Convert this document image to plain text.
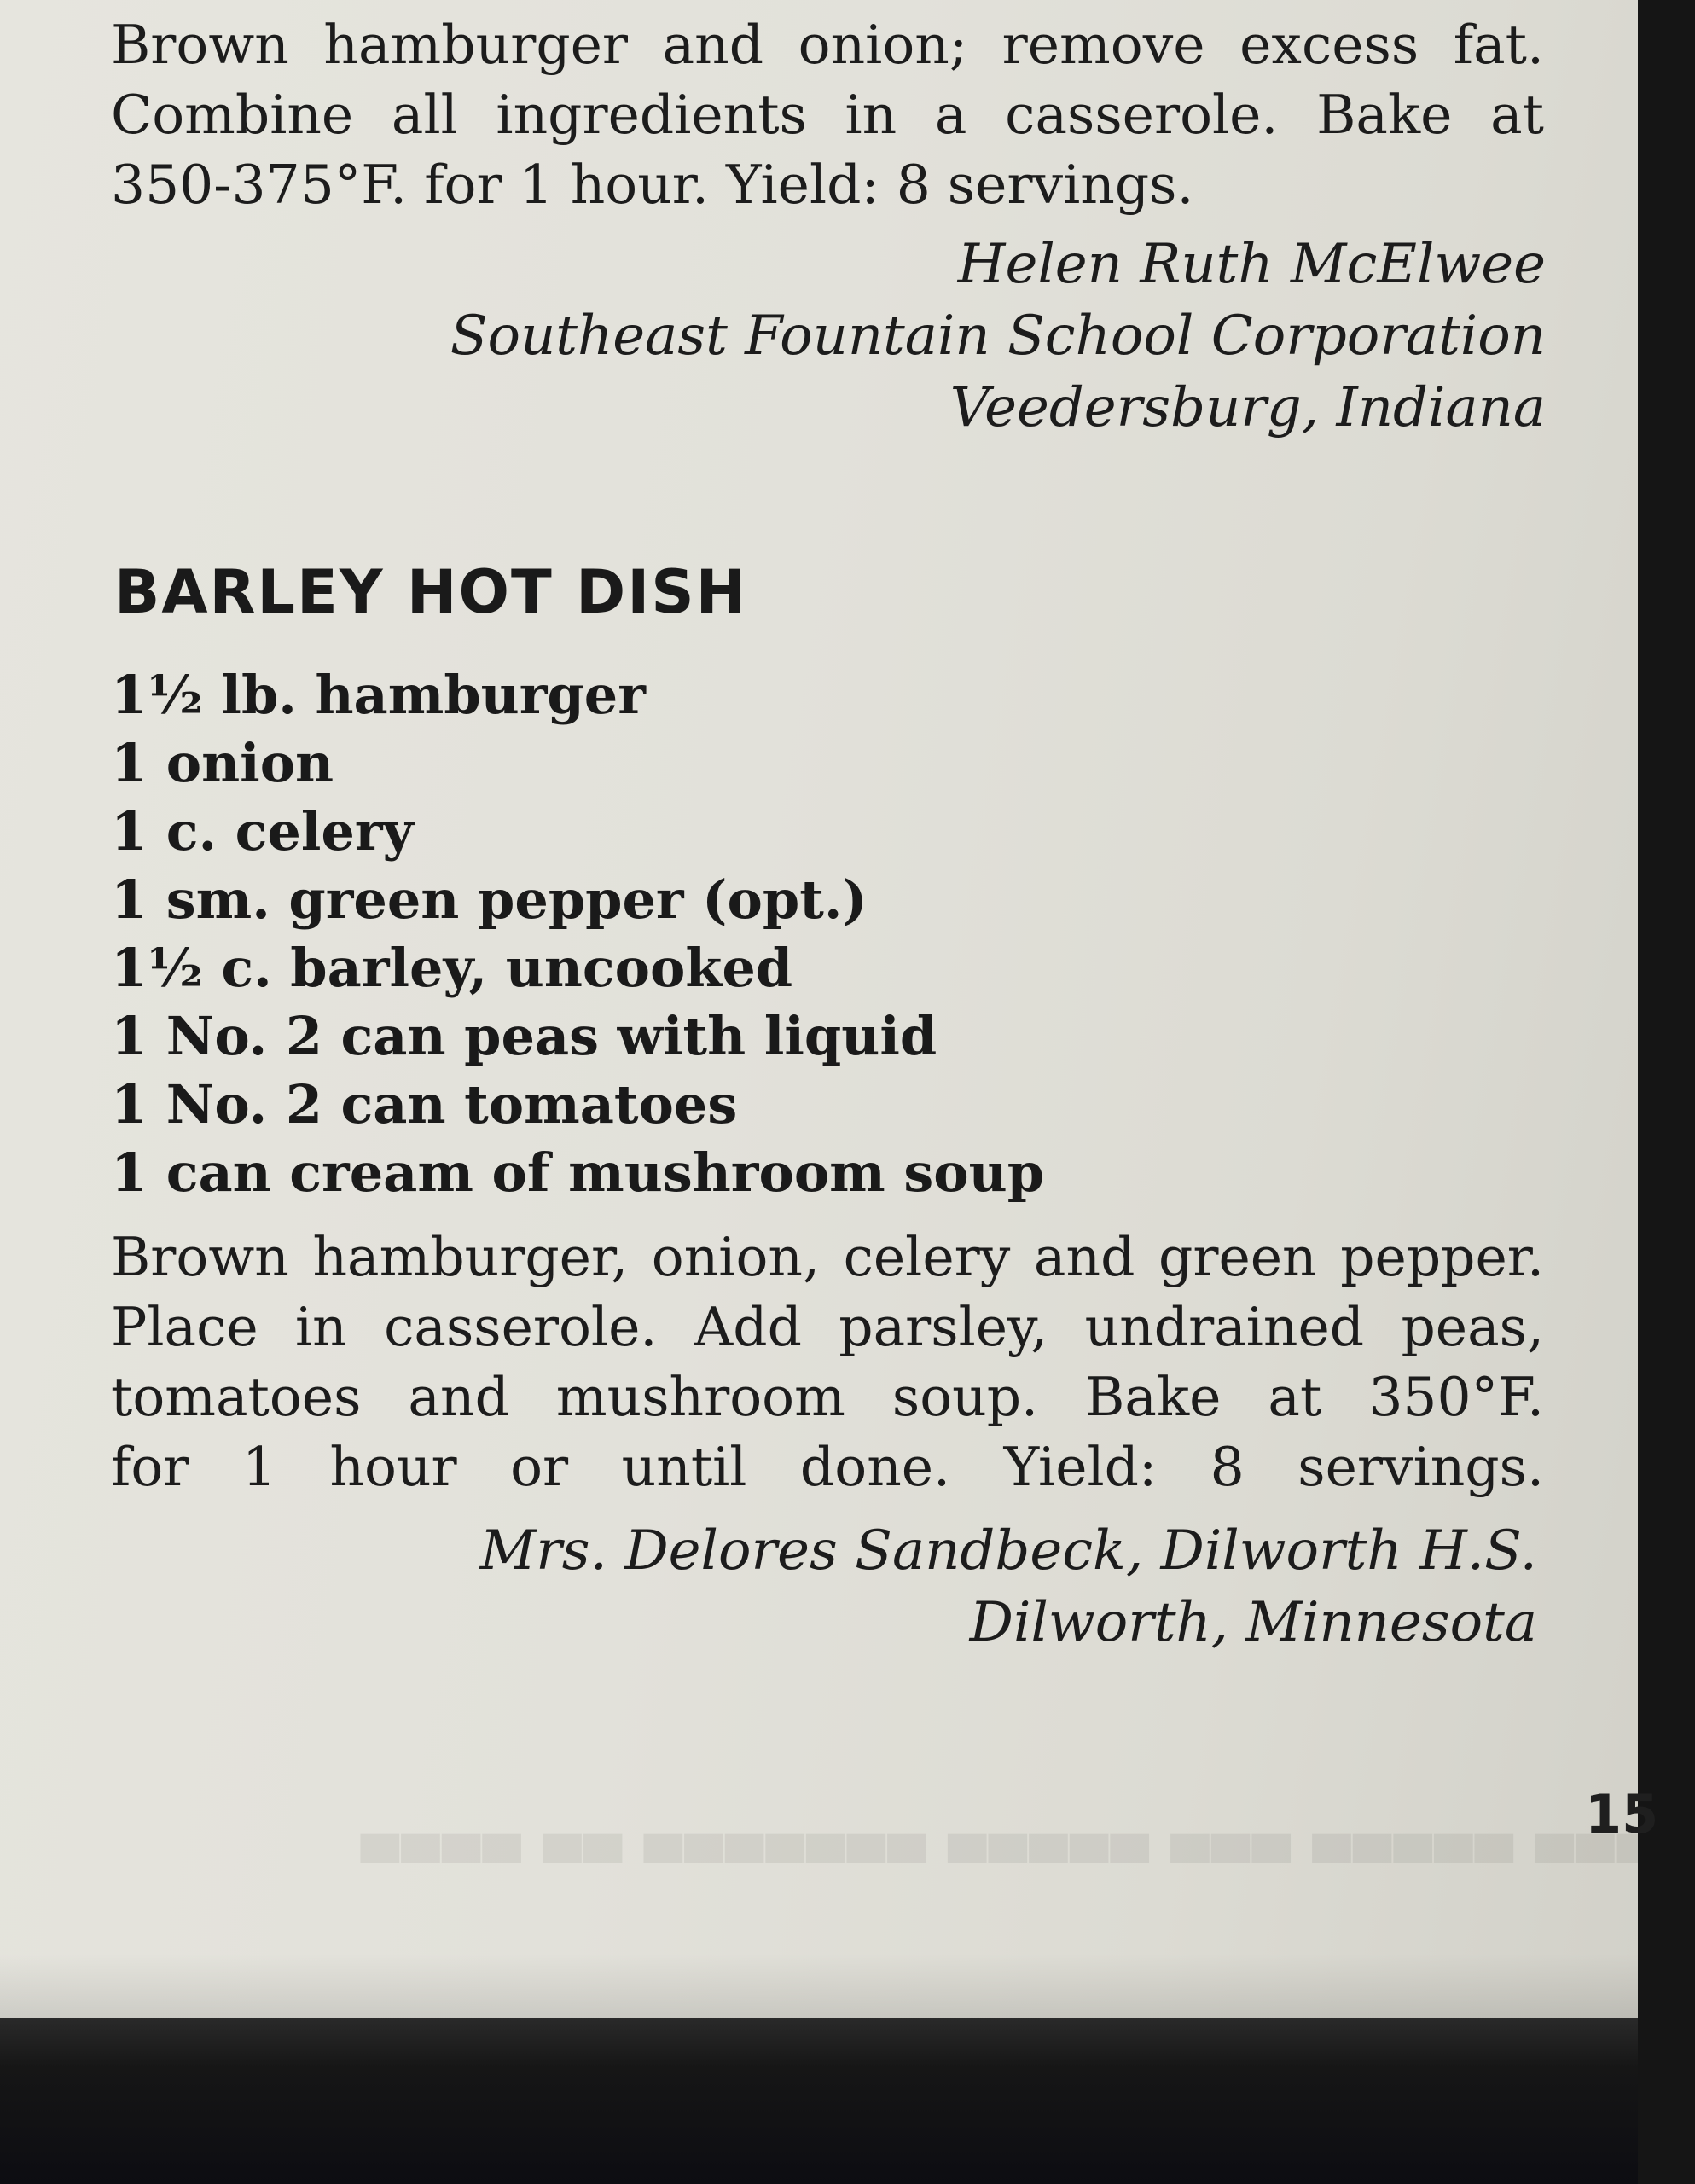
Brown hamburger and onion; remove excess fat.
Combine all ingredients in a casserole. Bake at
350-375°F. for 1 hour. Yield: 8 servings.
Helen Ruth McElwee
Southeast Fountain School Corporation
Veedersburg, Indiana
BARLEY HOT DISH
1½ lb. hamburger
1 onion
1 c. celery
1 sm. green pepper (opt.)
1½ c. barley, uncooked
1 No. 2 can peas with liquid
1 No. 2 can tomatoes
1 can cream of mushroom soup
Brown hamburger, onion, celery and green pepper.
Place in casserole. Add parsley, undrained peas,
tomatoes and mushroom soup. Bake at 350°F.
for 1 hour or until done. Yield: 8 servings.
Mrs. Delores Sandbeck, Dilworth H.S.
Dilworth, Minnesota
15
▀▀▀▀ ▀▀▀▀▀ ▀▀▀ ▀▀▀▀▀ ▀▀▀▀▀▀▀ ▀▀ ▀▀▀▀
